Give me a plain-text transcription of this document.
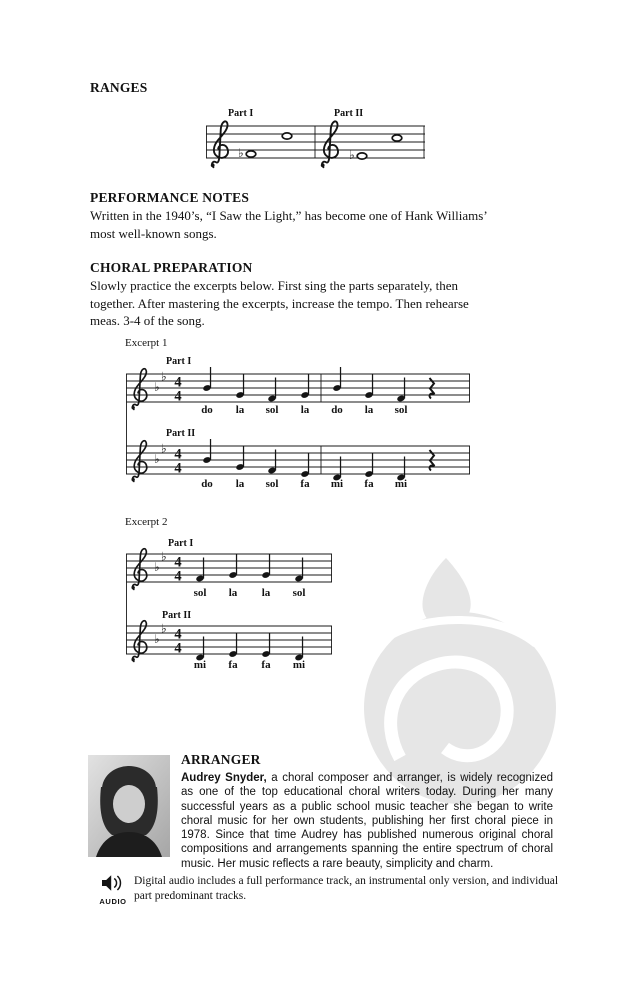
RANGES
Part I	Part II
♭	♭
PERFORMANCE NOTES

Written in the 1940’s, “I Saw the Light,” has become one of Hank Williams’ most well-known songs.

CHORAL PREPARATION

Slowly practice the excerpts below. First sing the parts separately, then together. After mastering the excerpts, increase the tempo. Then rehearse meas. 3-4 of the song.

Excerpt 1
Part I
Part II
♭
♭ 4
4
♭
♭ 4
4
do la sol la do la sol
do la sol fa mi fa mi
Excerpt 2
Part I
Part II
♭
♭ 4
4
♭
♭ 4
4
sol la la sol
mi fa fa mi
ARRANGER

Audrey Snyder, a choral composer and arranger, is widely recognized as one of the top educational choral writers today. During her many successful years as a public school music teacher she began to write choral music for her own students, publishing her first choral piece in 1978. Since that time Audrey has published numerous original choral compositions and arrangements spanning the entire spectrum of choral music. Her music reflects a rare beauty, simplicity and charm.

AUDIO

Digital audio includes a full performance track, an instrumental only version, and individual part predominant tracks.
